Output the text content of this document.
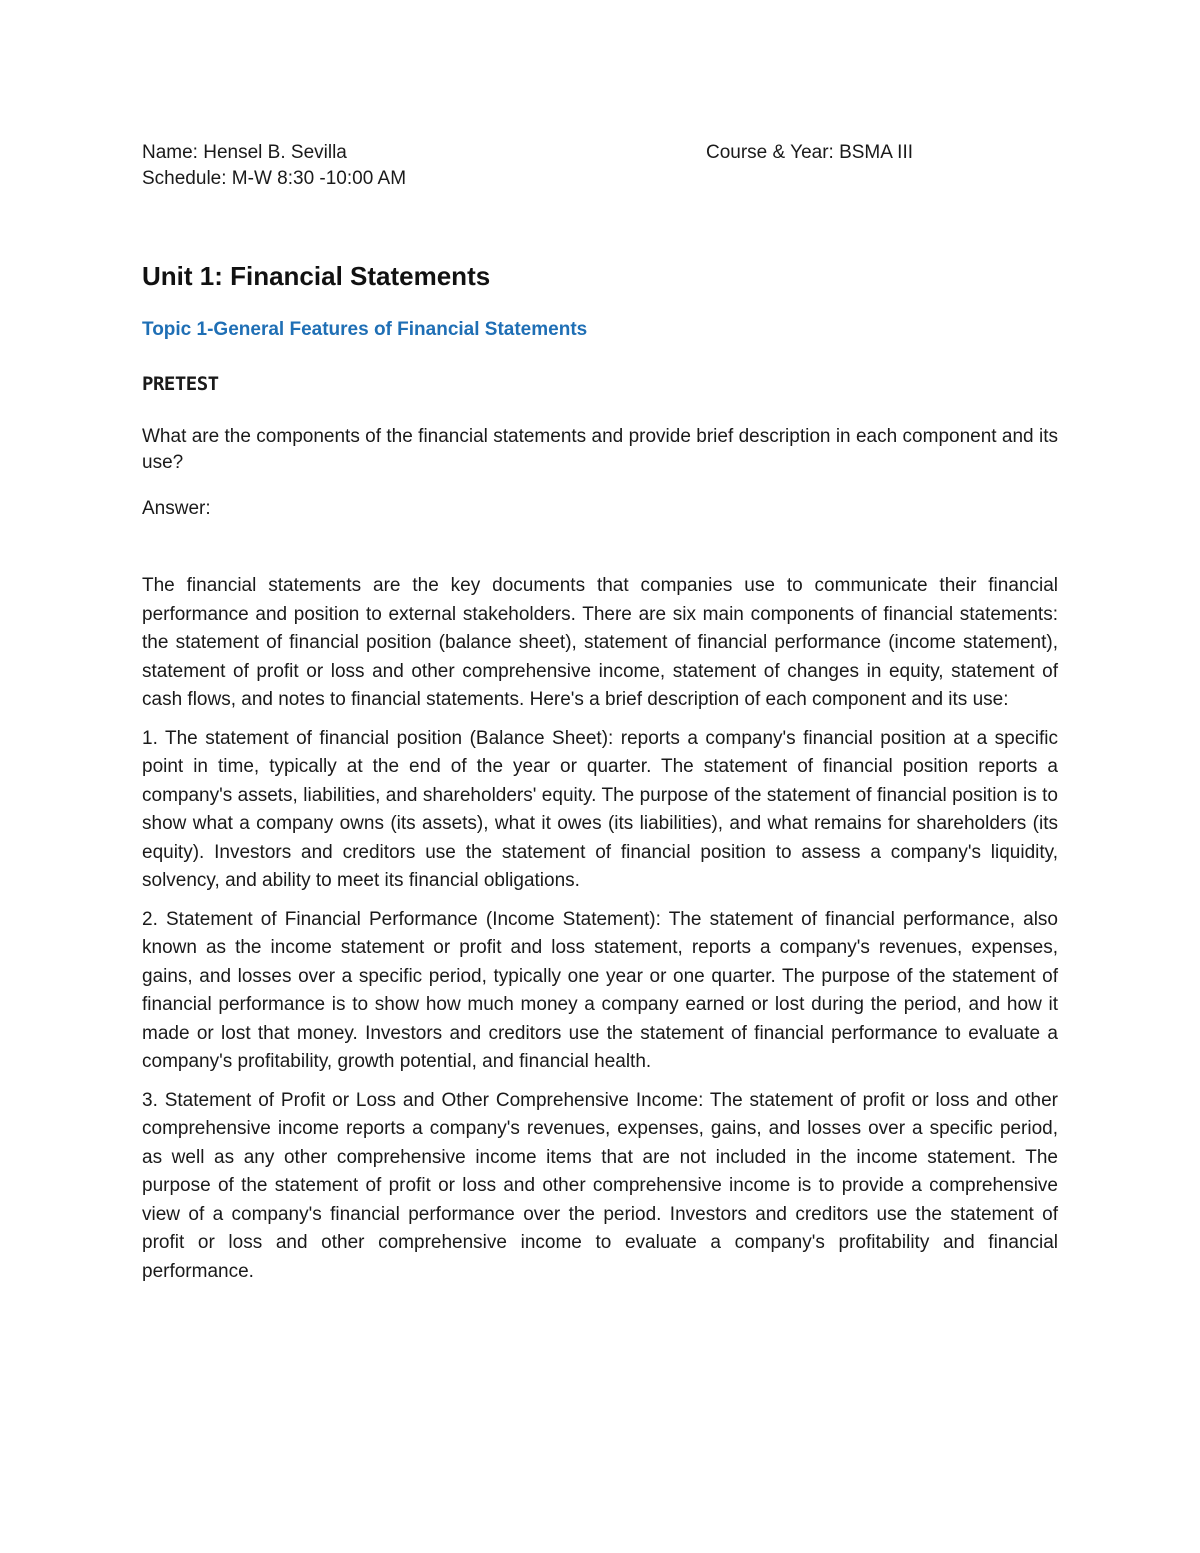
Name: Hensel B. Sevilla	Course & Year: BSMA III
Schedule: M-W 8:30 -10:00 AM
Unit 1: Financial Statements
Topic 1-General Features of Financial Statements
PRETEST
What are the components of the financial statements and provide brief description in each component and its use?
Answer:

The financial statements are the key documents that companies use to communicate their financial performance and position to external stakeholders. There are six main components of financial statements: the statement of financial position (balance sheet), statement of financial performance (income statement), statement of profit or loss and other comprehensive income, statement of changes in equity, statement of cash flows, and notes to financial statements. Here's a brief description of each component and its use:

1. The statement of financial position (Balance Sheet): reports a company's financial position at a specific point in time, typically at the end of the year or quarter. The statement of financial position reports a company's assets, liabilities, and shareholders' equity. The purpose of the statement of financial position is to show what a company owns (its assets), what it owes (its liabilities), and what remains for shareholders (its equity). Investors and creditors use the statement of financial position to assess a company's liquidity, solvency, and ability to meet its financial obligations.

2. Statement of Financial Performance (Income Statement): The statement of financial performance, also known as the income statement or profit and loss statement, reports a company's revenues, expenses, gains, and losses over a specific period, typically one year or one quarter. The purpose of the statement of financial performance is to show how much money a company earned or lost during the period, and how it made or lost that money. Investors and creditors use the statement of financial performance to evaluate a company's profitability, growth potential, and financial health.

3. Statement of Profit or Loss and Other Comprehensive Income: The statement of profit or loss and other comprehensive income reports a company's revenues, expenses, gains, and losses over a specific period, as well as any other comprehensive income items that are not included in the income statement. The purpose of the statement of profit or loss and other comprehensive income is to provide a comprehensive view of a company's financial performance over the period. Investors and creditors use the statement of profit or loss and other comprehensive income to evaluate a company's profitability and financial performance.
